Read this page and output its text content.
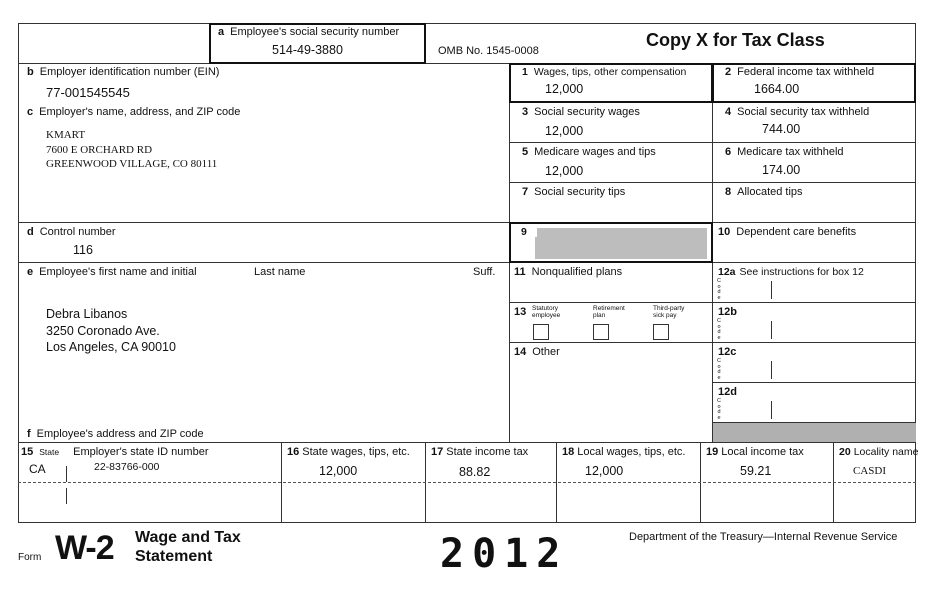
a Employee's social security number
514-49-3880	OMB No. 1545-0008
Copy X for Tax Class
b Employer identification number (EIN)
77-001545545
1 Wages, tips, other compensation
12,000
2 Federal income tax withheld
1664.00
c Employer's name, address, and ZIP code
KMART
7600 E ORCHARD RD
GREENWOOD VILLAGE, CO 80111
3 Social security wages
12,000
4 Social security tax withheld
744.00
5 Medicare wages and tips
12,000
6 Medicare tax withheld
174.00
7 Social security tips	8 Allocated tips
d Control number
116
9	10 Dependent care benefits
e Employee's first name and initial	Last name	Suff.
Debra Libanos
3250 Coronado Ave.
Los Angeles, CA 90010
f Employee's address and ZIP code
11 Nonqualified plans	12a See instructions for box 12
C
o
d
e
12b
C
o
d
e
12c
C
o
d
e
12d
C
o
d
e
13 Statutory
employee
Retirement
plan
Third-party
sick pay
14 Other
15 State Employer's state ID number
CA	22-83766-000
16 State wages, tips, etc.
12,000
17 State income tax
88.82
18 Local wages, tips, etc.
12,000
19 Local income tax
59.21
20 Locality name
CASDI
Form W-2 Wage and Tax
Statement	2012	Department of the Treasury—Internal Revenue Service
